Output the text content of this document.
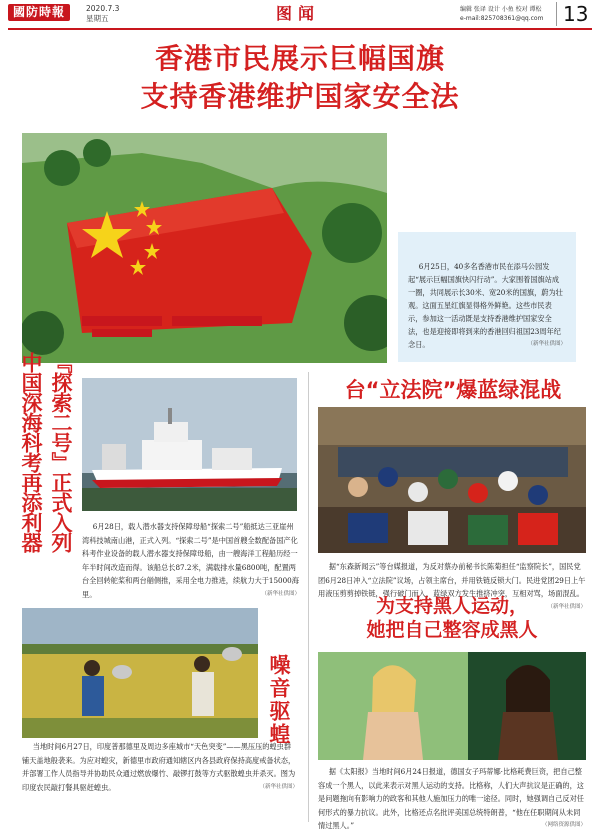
國防時報	2020.7.3
星期五	图闻	编辑 张译 设计 小鱼 校对 谭松
e-mail:825708361@qq.com 13
香港市民展示巨幅国旗
支持香港维护国家安全法

6月25日，40多名香港市民在添马公园发起“展示巨幅国旗快闪行动”。大家围着国旗站成一圈，共同展示长30米、宽20米的国旗，蔚为壮观。这面五星红旗显得格外鲜艳。这些市民表示，参加这一活动既是支持香港维护国家安全法，也是迎接即将到来的香港回归祖国23周年纪念日。	（新华社供图）

『探索二号』正式入列
中国深海科考再添利器	6月28日，载人潜水器支持保障母船“探索二号”船抵达三亚崖州湾科技城南山港，正式入列。“探索二号”是中国首艘全数配备国产化科考作业设备的载人潜水器支持保障母船，由一艘海洋工程船历经一年半时间改造而得。该船总长87.2米，满载排水量6800吨，配置两台全回转舵桨和两台艏侧推，采用全电力推进，续航力大于15000海里。	（新华社供图）

台“立法院”爆蓝绿混战

据“东森新闻云”等台媒报道，为反对蔡办前秘书长陈菊担任“监察院长”，国民党团6月28日冲入“立法院”议场，占领主席台，并用铁链反锁大门。民进党团29日上午用液压剪剪掉铁链，强行破门而入，蓝绿双方发生推挤冲突，互相对骂，场面混乱。
（新华社供图）

为支持黑人运动，
她把自己整容成黑人

据《太阳报》当地时间6月24日报道，德国女子玛蒂娜·比格耗费巨资，把自己整容成一个黑人，以此来表示对黑人运动的支持。比格称，人们大声抗议是正确的，这是问题拖向有影响力的政客和其他人施加压力的唯一途径。同时，她强调自己反对任何形式的暴力抗议。此外，比格还点名批评美国总统特朗普，“他在任职期间从未同情过黑人。”	（网络资源供图）

噪音驱蝗

当地时间6月27日，印度普那德里及周边多座城市“天色突变”——黑压压的蝗虫群铺天盖地般袭来。为应对蝗灾，新德里市政府通知辖区内各县政府保持高度戒备状态，并部署工作人员指导并协助民众通过燃放爆竹、敲锣打鼓等方式驱散蝗虫并杀灭。图为印度农民敲打餐具驱赶蝗虫。	（新华社供图）
